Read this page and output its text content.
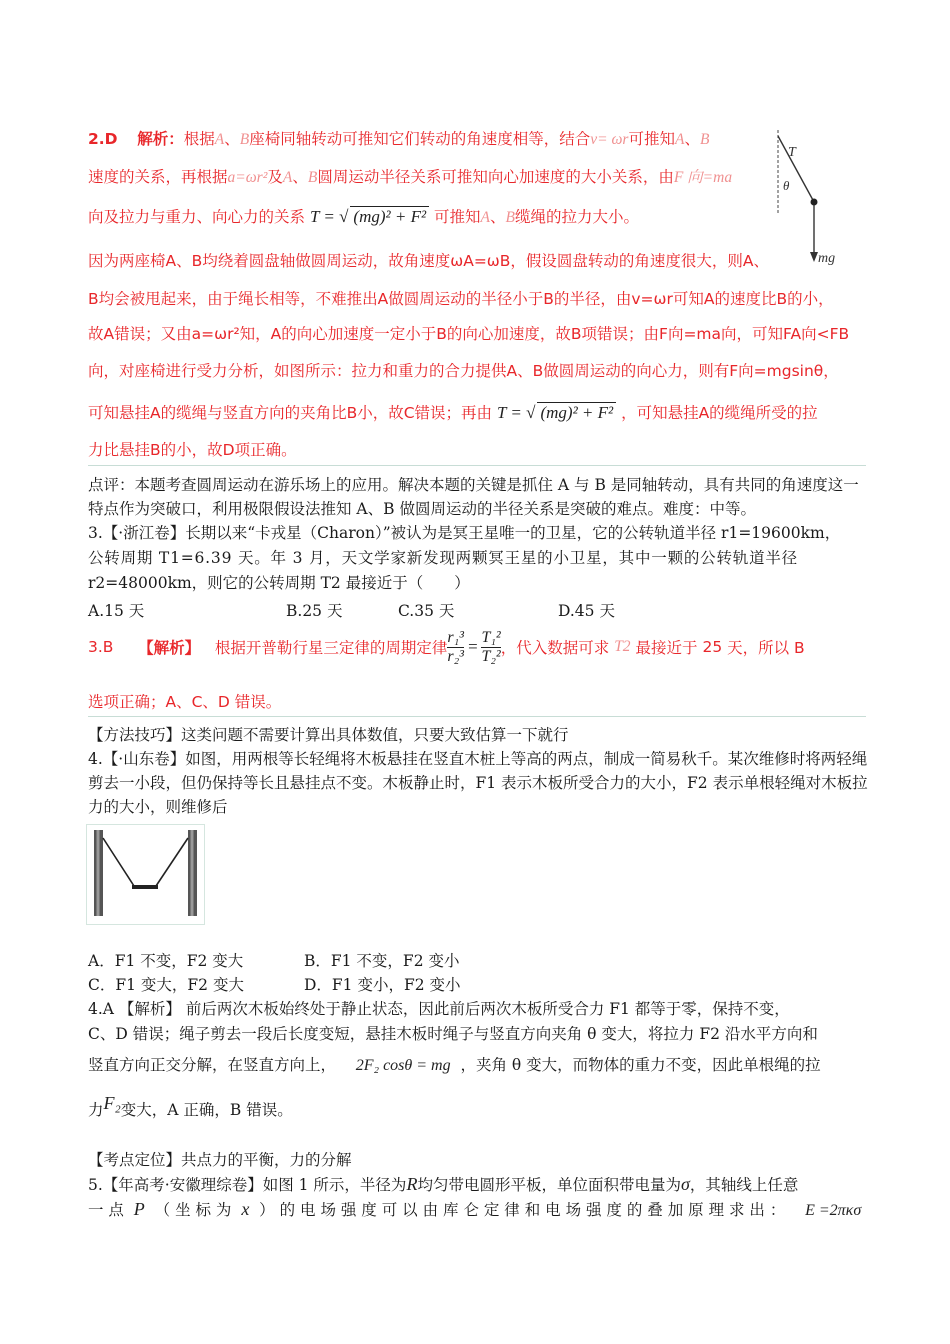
2.D 解析：根据A、B座椅同轴转动可推知它们转动的角速度相等，结合v= ωr可推知A、B
速度的关系，再根据a=ωr²及A、B圆周运动半径关系可推知向心加速度的大小关系，由F 向=ma
向及拉力与重力、向心力的关系 T = √ (mg)² + F² 可推知A、B缆绳的拉力大小。
因为两座椅A、B均绕着圆盘轴做圆周运动，故角速度ωA=ωB，假设圆盘转动的角速度很大，则A、
B均会被甩起来，由于绳长相等，不难推出A做圆周运动的半径小于B的半径，由v=ωr可知A的速度比B的小，
故A错误；又由a=ωr²知，A的向心加速度一定小于B的向心加速度，故B项错误；由F向=ma向，可知FA向<FB
向，对座椅进行受力分析，如图所示：拉力和重力的合力提供A、B做圆周运动的向心力，则有F向=mgsinθ，
可知悬挂A的缆绳与竖直方向的夹角比B小，故C错误；再由 T = √ (mg)² + F² ，可知悬挂A的缆绳所受的拉
力比悬挂B的小，故D项正确。
T
θ
mg
点评：本题考查圆周运动在游乐场上的应用。解决本题的关键是抓住 A 与 B 是同轴转动，具有共同的角速度这一特点作为突破口，利用极限假设法推知 A、B 做圆周运动的半径关系是突破的难点。难度：中等。
3.【·浙江卷】长期以来“卡戎星（Charon）”被认为是冥王星唯一的卫星，它的公转轨道半径 r1=19600km，
公转周期 T1=6.39 天。年 3 月，天文学家新发现两颗冥王星的小卫星，其中一颗的公转轨道半径
r2=48000km，则它的公转周期 T2 最接近于（　　）
A.15 天	B.25 天	C.35 天	D.45 天
3.B
【解析】
根据开普勒行星三定律的周期定律 $\frac{\text{r₁³}}{\text{r₂³}} = \frac{\text{T₁²}}{\text{T₂²}}$ ，代入数据可求
T2
最接近于
25
天，所以 B
选项正确；A、C、D 错误。
【方法技巧】这类问题不需要计算出具体数值，只要大致估算一下就行
4.【·山东卷】如图，用两根等长轻绳将木板悬挂在竖直木桩上等高的两点，制成一简易秋千。某次维修时将两轻绳剪去一小段，但仍保持等长且悬挂点不变。木板静止时，F1 表示木板所受合力的大小，F2 表示单根轻绳对木板拉力的大小，则维修后
A．F1 不变，F2 变大	B．F1 不变，F2 变小
C．F1 变大，F2 变大	D．F1 变小，F2 变小
4.A 【解析】 前后两次木板始终处于静止状态，因此前后两次木板所受合力 F1 都等于零，保持不变，
C、D 错误；绳子剪去一段后长度变短，悬挂木板时绳子与竖直方向夹角 θ 变大，将拉力 F2 沿水平方向和
竖直方向正交分解，在竖直方向上， 2F₂ cosθ = mg ，夹角 θ 变大，而物体的重力不变，因此单根绳的拉
力F₂变大，A 正确，B 错误。
【考点定位】共点力的平衡，力的分解
5.【年高考·安徽理综卷】如图 1 所示，半径为R均匀带电圆形平板，单位面积带电量为σ，其轴线上任意
一 点 P （ 坐 标 为 x ） 的 电 场 强 度 可 以 由 库 仑 定 律 和 电 场 强 度 的 叠 加 原 理 求 出 ： E =2πκσ
